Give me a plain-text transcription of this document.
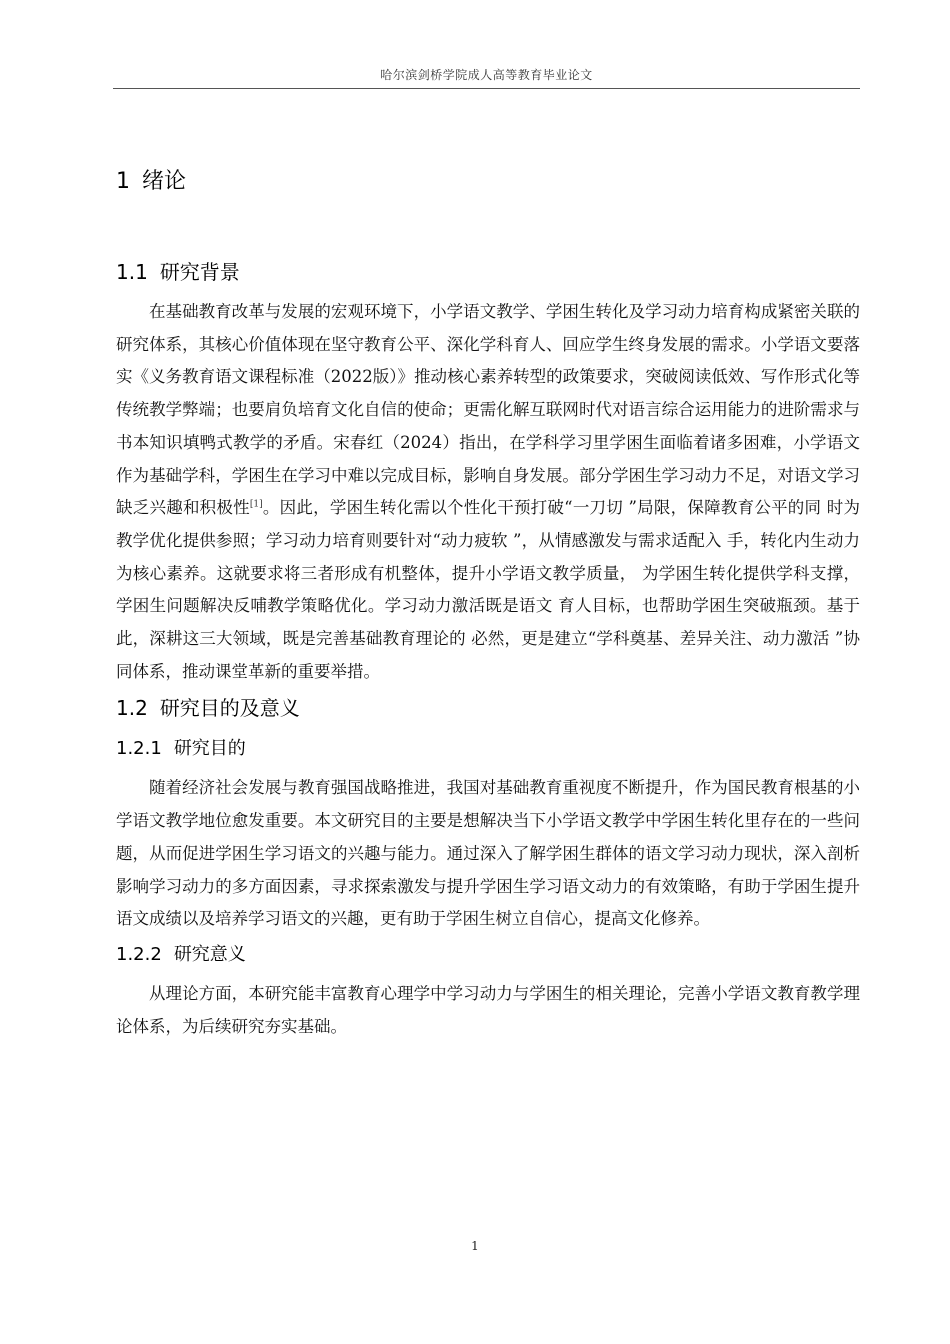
哈尔滨剑桥学院成人高等教育毕业论文
1 绪论
1.1 研究背景

在基础教育改革与发展的宏观环境下，小学语文教学、学困生转化及学习动力培育构成紧密关联的研究体系，其核心价值体现在坚守教育公平、深化学科育人、回应学生终身发展的需求。小学语文要落实《义务教育语文课程标准（2022版）》推动核心素养转型的政策要求，突破阅读低效、写作形式化等传统教学弊端；也要肩负培育文化自信的使命；更需化解互联网时代对语言综合运用能力的进阶需求与书本知识填鸭式教学的矛盾。宋春红（2024）指出，在学科学习里学困生面临着诸多困难，小学语文作为基础学科，学困生在学习中难以完成目标，影响自身发展。部分学困生学习动力不足，对语文学习缺乏兴趣和积极性[1]。因此，学困生转化需以个性化干预打破“一刀切 ”局限，保障教育公平的同 时为教学优化提供参照；学习动力培育则要针对“动力疲软 ”，从情感激发与需求适配入 手，转化内生动力为核心素养。这就要求将三者形成有机整体，提升小学语文教学质量， 为学困生转化提供学科支撑，学困生问题解决反哺教学策略优化。学习动力激活既是语文 育人目标，也帮助学困生突破瓶颈。基于此，深耕这三大领域，既是完善基础教育理论的 必然，更是建立“学科奠基、差异关注、动力激活 ”协同体系，推动课堂革新的重要举措。

1.2 研究目的及意义
1.2.1 研究目的

随着经济社会发展与教育强国战略推进，我国对基础教育重视度不断提升，作为国民教育根基的小学语文教学地位愈发重要。本文研究目的主要是想解决当下小学语文教学中学困生转化里存在的一些问题，从而促进学困生学习语文的兴趣与能力。通过深入了解学困生群体的语文学习动力现状，深入剖析影响学习动力的多方面因素，寻求探索激发与提升学困生学习语文动力的有效策略，有助于学困生提升语文成绩以及培养学习语文的兴趣，更有助于学困生树立自信心，提高文化修养。

1.2.2 研究意义

从理论方面，本研究能丰富教育心理学中学习动力与学困生的相关理论，完善小学语文教育教学理论体系，为后续研究夯实基础。

1
